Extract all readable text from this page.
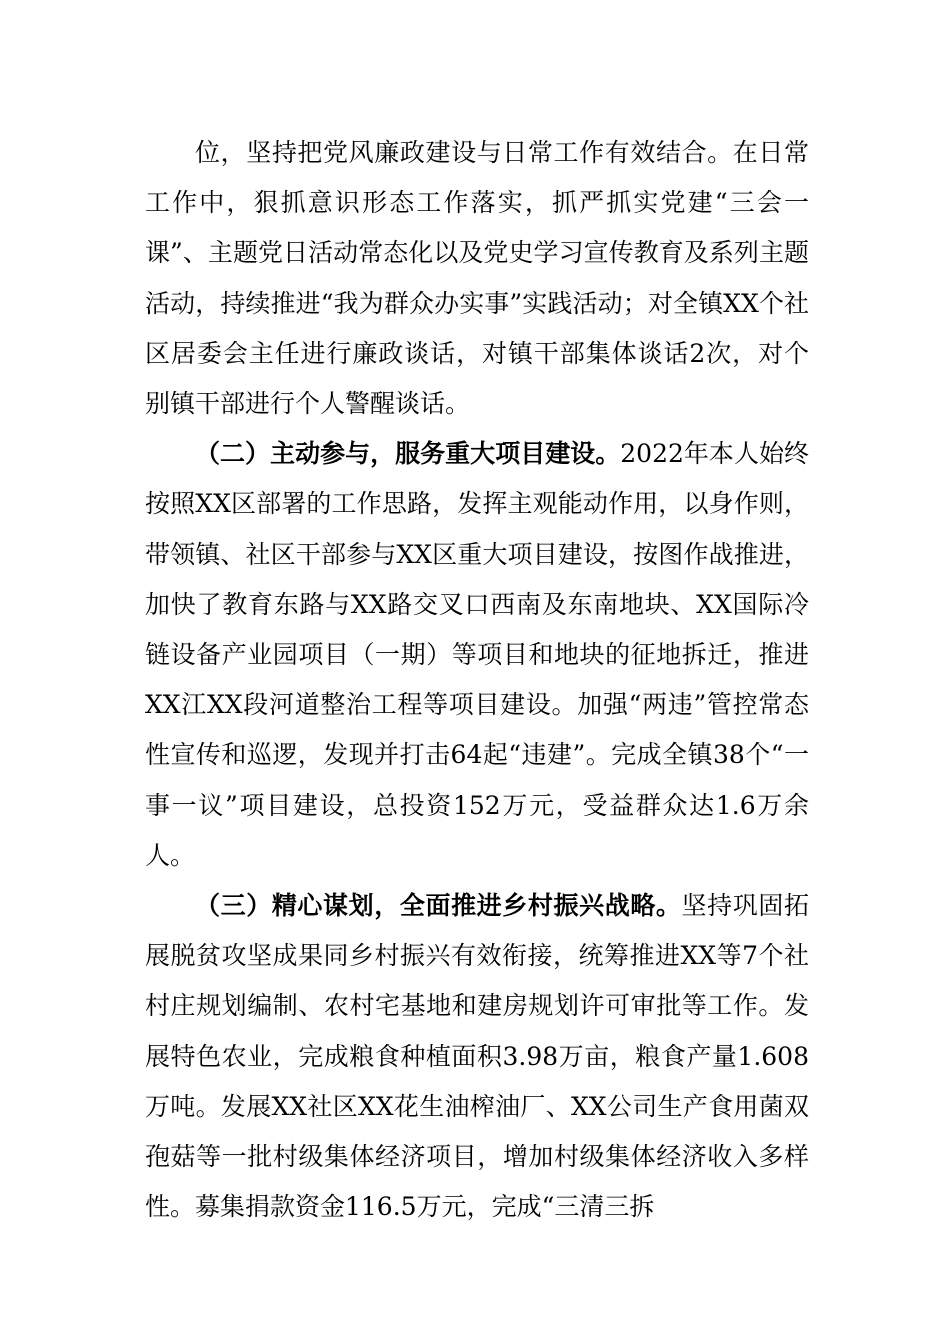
位，坚持把党风廉政建设与日常工作有效结合。在日常工作中，狠抓意识形态工作落实，抓严抓实党建“三会一课”、主题党日活动常态化以及党史学习宣传教育及系列主题活动，持续推进“我为群众办实事”实践活动；对全镇XX个社区居委会主任进行廉政谈话，对镇干部集体谈话2次，对个别镇干部进行个人警醒谈话。

（二）主动参与，服务重大项目建设。2022年本人始终按照XX区部署的工作思路，发挥主观能动作用，以身作则，带领镇、社区干部参与XX区重大项目建设，按图作战推进，加快了教育东路与XX路交叉口西南及东南地块、XX国际冷链设备产业园项目（一期）等项目和地块的征地拆迁，推进XX江XX段河道整治工程等项目建设。加强“两违”管控常态性宣传和巡逻，发现并打击64起“违建”。完成全镇38个“一事一议”项目建设，总投资152万元，受益群众达1.6万余人。

（三）精心谋划，全面推进乡村振兴战略。坚持巩固拓展脱贫攻坚成果同乡村振兴有效衔接，统筹推进XX等7个社村庄规划编制、农村宅基地和建房规划许可审批等工作。发展特色农业，完成粮食种植面积3.98万亩，粮食产量1.608万吨。发展XX社区XX花生油榨油厂、XX公司生产食用菌双孢菇等一批村级集体经济项目，增加村级集体经济收入多样性。募集捐款资金116.5万元，完成“三清三拆
